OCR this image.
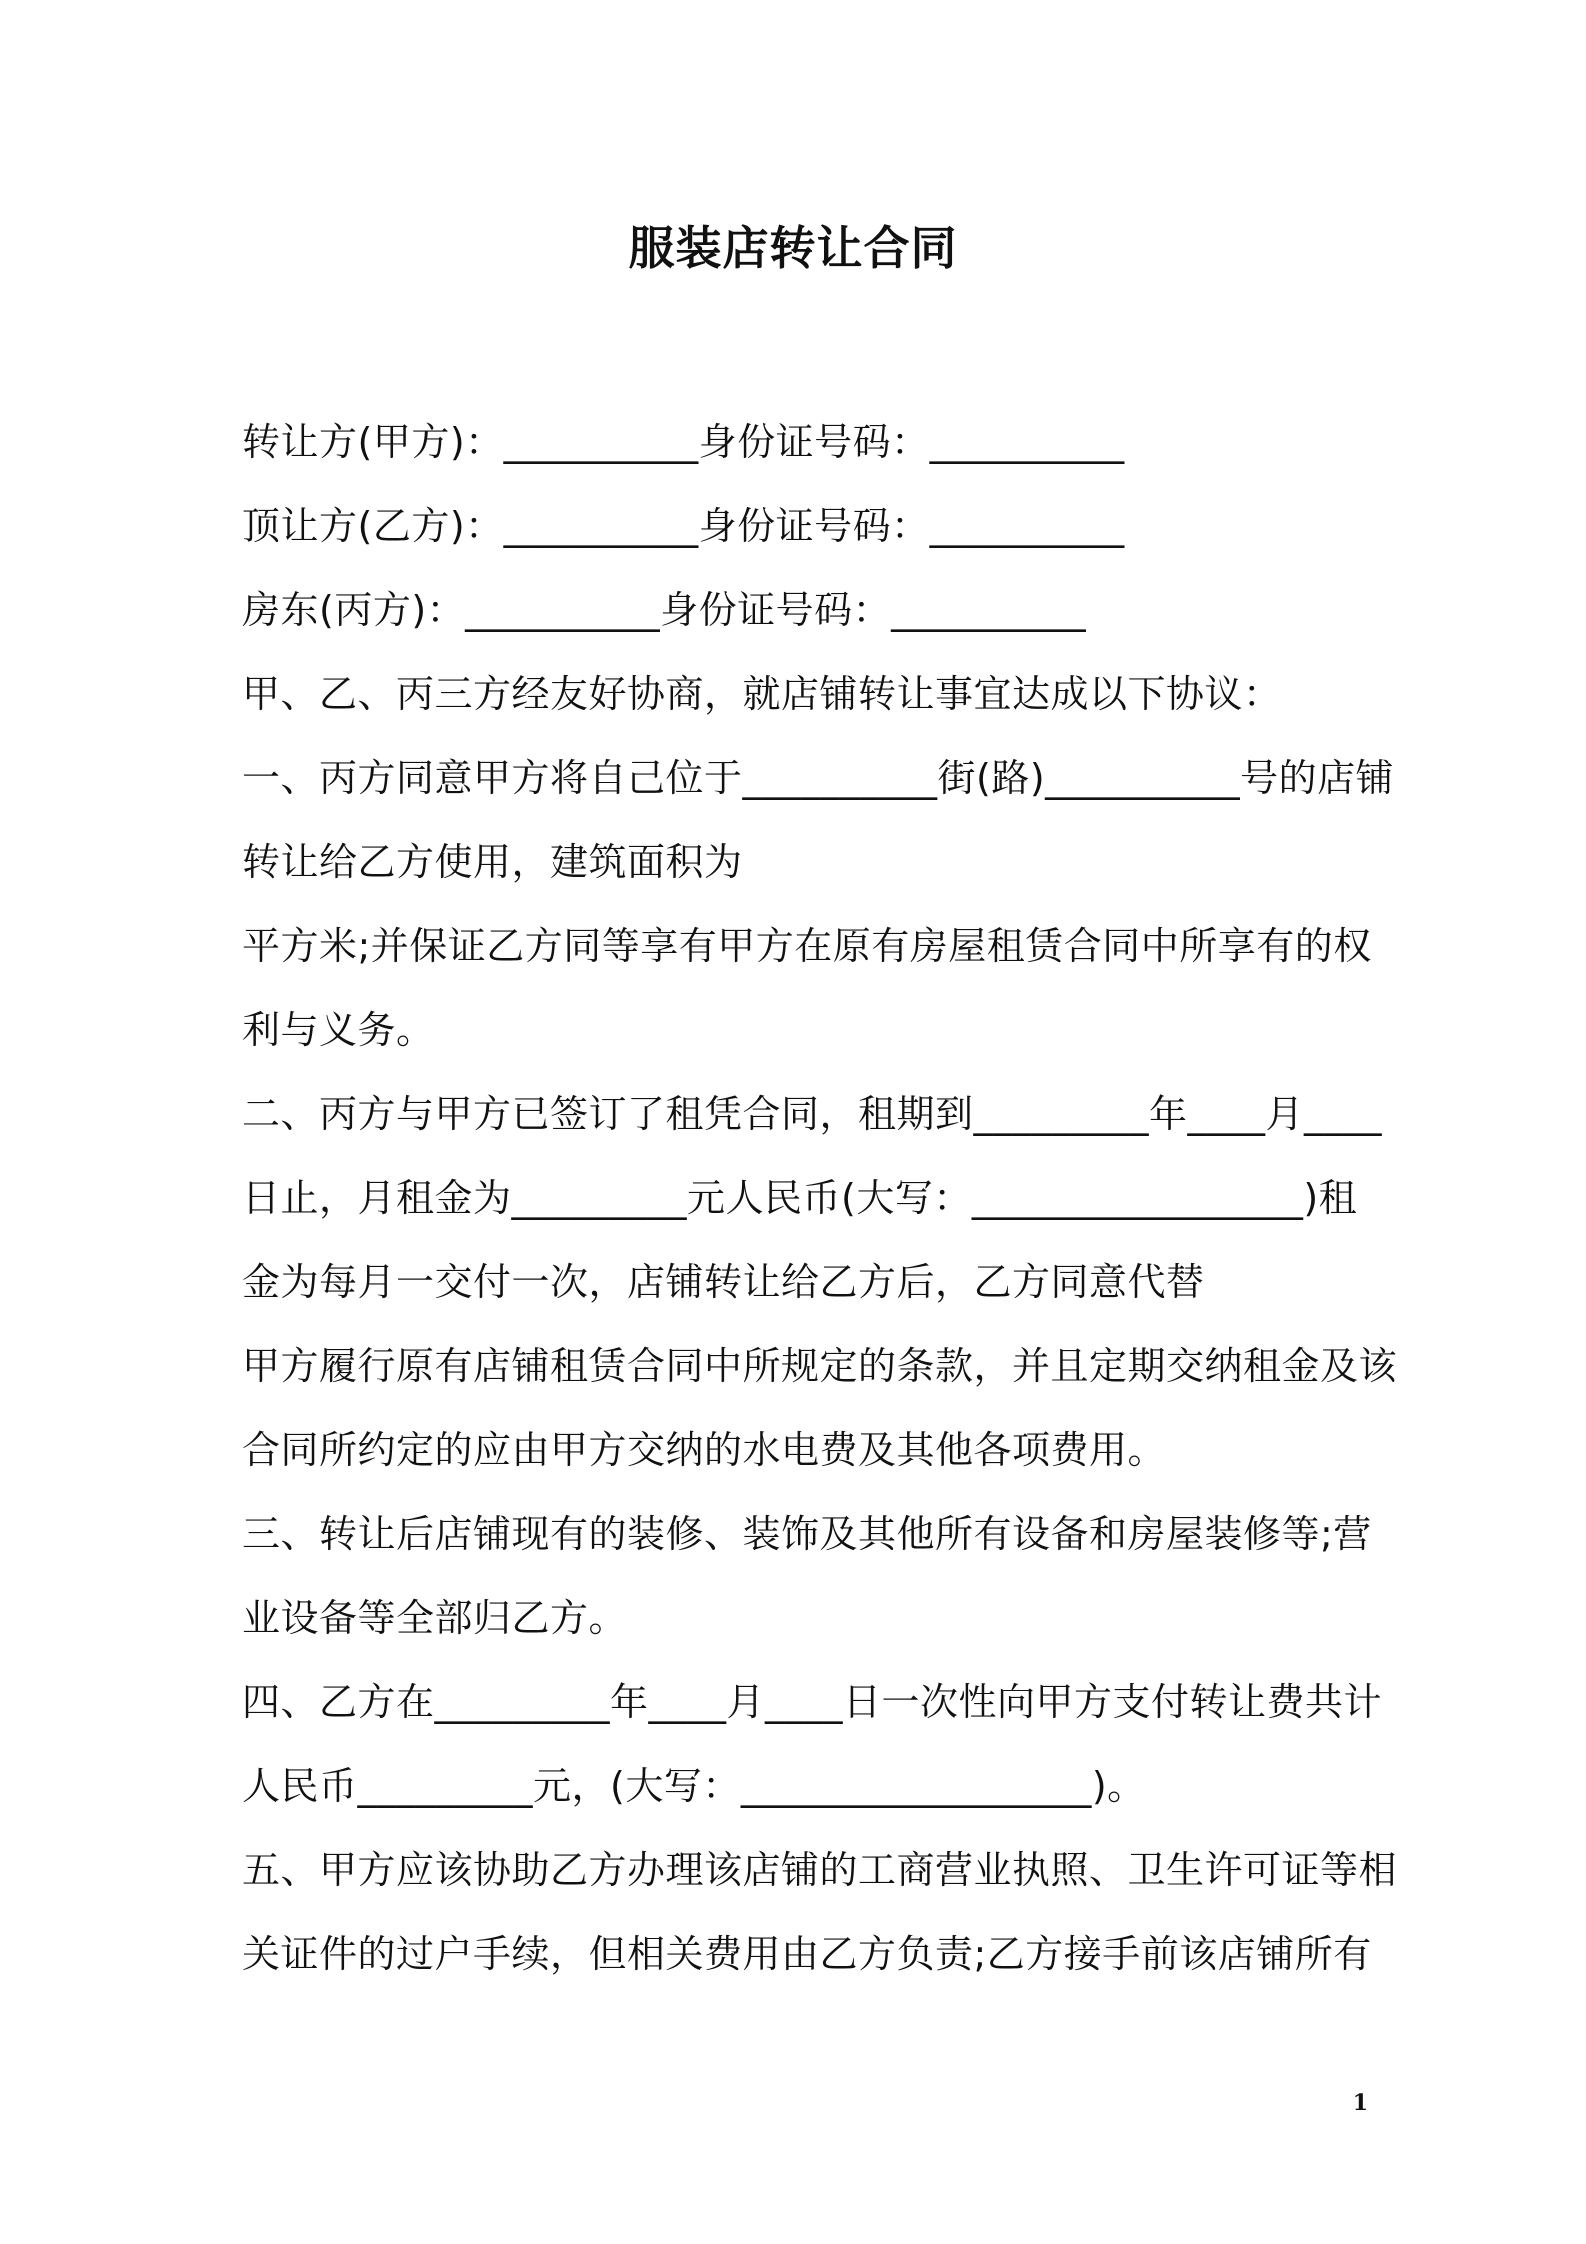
服装店转让合同
转让方(甲方)：__________身份证号码：__________
顶让方(乙方)：__________身份证号码：__________
房东(丙方)：__________身份证号码：__________
甲、乙、丙三方经友好协商，就店铺转让事宜达成以下协议：
一、丙方同意甲方将自己位于__________街(路)__________号的店铺
转让给乙方使用，建筑面积为
平方米;并保证乙方同等享有甲方在原有房屋租赁合同中所享有的权
利与义务。
二、丙方与甲方已签订了租凭合同，租期到_________年____月____
日止，月租金为_________元人民币(大写：_________________)租
金为每月一交付一次，店铺转让给乙方后，乙方同意代替
甲方履行原有店铺租赁合同中所规定的条款，并且定期交纳租金及该
合同所约定的应由甲方交纳的水电费及其他各项费用。
三、转让后店铺现有的装修、装饰及其他所有设备和房屋装修等;营
业设备等全部归乙方。
四、乙方在_________年____月____日一次性向甲方支付转让费共计
人民币_________元，(大写：__________________)。
五、甲方应该协助乙方办理该店铺的工商营业执照、卫生许可证等相
关证件的过户手续，但相关费用由乙方负责;乙方接手前该店铺所有
1
